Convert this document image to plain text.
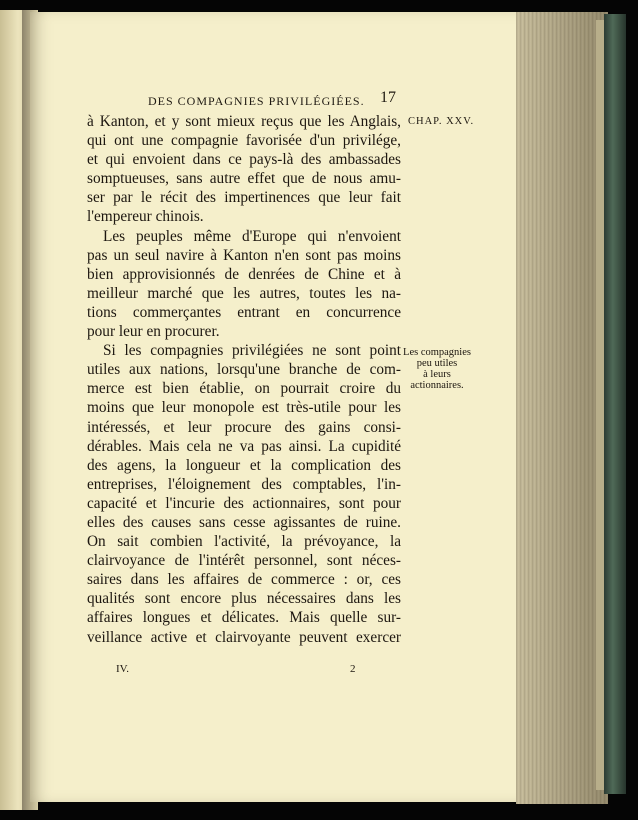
DES COMPAGNIES PRIVILÉGIÉES. 17
CHAP. XXV.
Les compagnies
peu utiles
à leurs
actionnaires.
à Kanton, et y sont mieux reçus que les Anglais,
qui ont une compagnie favorisée d'un privilége,
et qui envoient dans ce pays-là des ambassades
somptueuses, sans autre effet que de nous amu-
ser par le récit des impertinences que leur fait
l'empereur chinois.
Les peuples même d'Europe qui n'envoient
pas un seul navire à Kanton n'en sont pas moins
bien approvisionnés de denrées de Chine et à
meilleur marché que les autres, toutes les na-
tions commerçantes entrant en concurrence
pour leur en procurer.
Si les compagnies privilégiées ne sont point
utiles aux nations, lorsqu'une branche de com-
merce est bien établie, on pourrait croire du
moins que leur monopole est très-utile pour les
intéressés, et leur procure des gains consi-
dérables. Mais cela ne va pas ainsi. La cupidité
des agens, la longueur et la complication des
entreprises, l'éloignement des comptables, l'in-
capacité et l'incurie des actionnaires, sont pour
elles des causes sans cesse agissantes de ruine.
On sait combien l'activité, la prévoyance, la
clairvoyance de l'intérêt personnel, sont néces-
saires dans les affaires de commerce : or, ces
qualités sont encore plus nécessaires dans les
affaires longues et délicates. Mais quelle sur-
veillance active et clairvoyante peuvent exercer
IV.	2
